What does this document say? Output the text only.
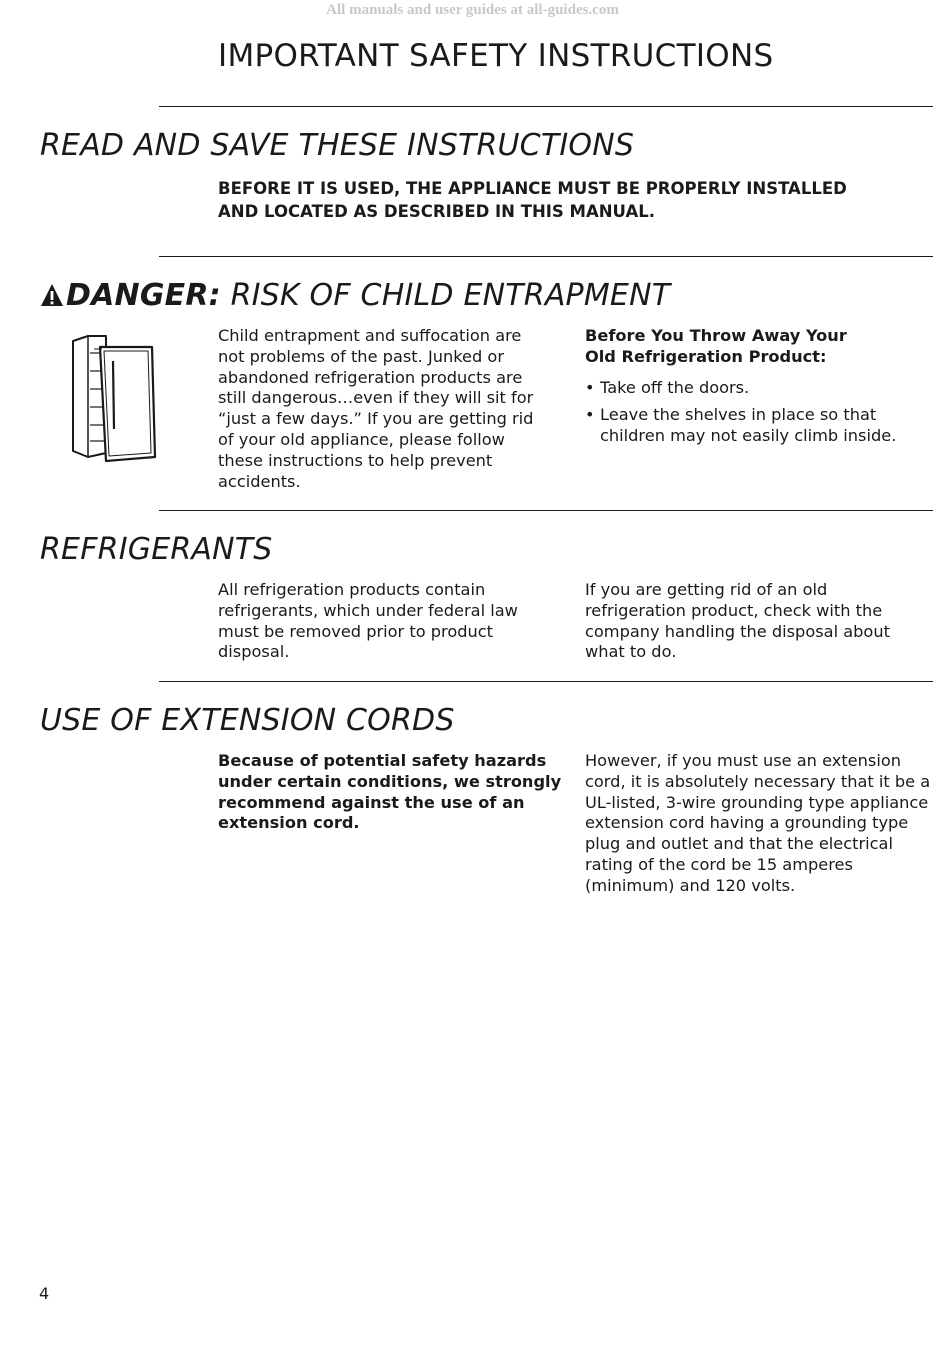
All manuals and user guides at all-guides.com
IMPORTANT SAFETY INSTRUCTIONS
READ AND SAVE THESE INSTRUCTIONS
BEFORE IT IS USED, THE APPLIANCE MUST BE PROPERLY INSTALLED
AND LOCATED AS DESCRIBED IN THIS MANUAL.
DANGER: RISK OF CHILD ENTRAPMENT
Child entrapment and suffocation are not problems of the past. Junked or abandoned refrigeration products are still dangerous…even if they will sit for “just a few days.” If you are getting rid of your old appliance, please follow these instructions to help prevent accidents.
Before You Throw Away Your Old Refrigeration Product:
• Take off the doors.
• Leave the shelves in place so that children may not easily climb inside.
REFRIGERANTS
All refrigeration products contain refrigerants, which under federal law must be removed prior to product disposal.
If you are getting rid of an old refrigeration product, check with the company handling the disposal about what to do.
USE OF EXTENSION CORDS
Because of potential safety hazards under certain conditions, we strongly recommend against the use of an extension cord.
However, if you must use an extension cord, it is absolutely necessary that it be a UL-listed, 3-wire grounding type appliance extension cord having a grounding type plug and outlet and that the electrical rating of the cord be 15 amperes (minimum) and 120 volts.
4
